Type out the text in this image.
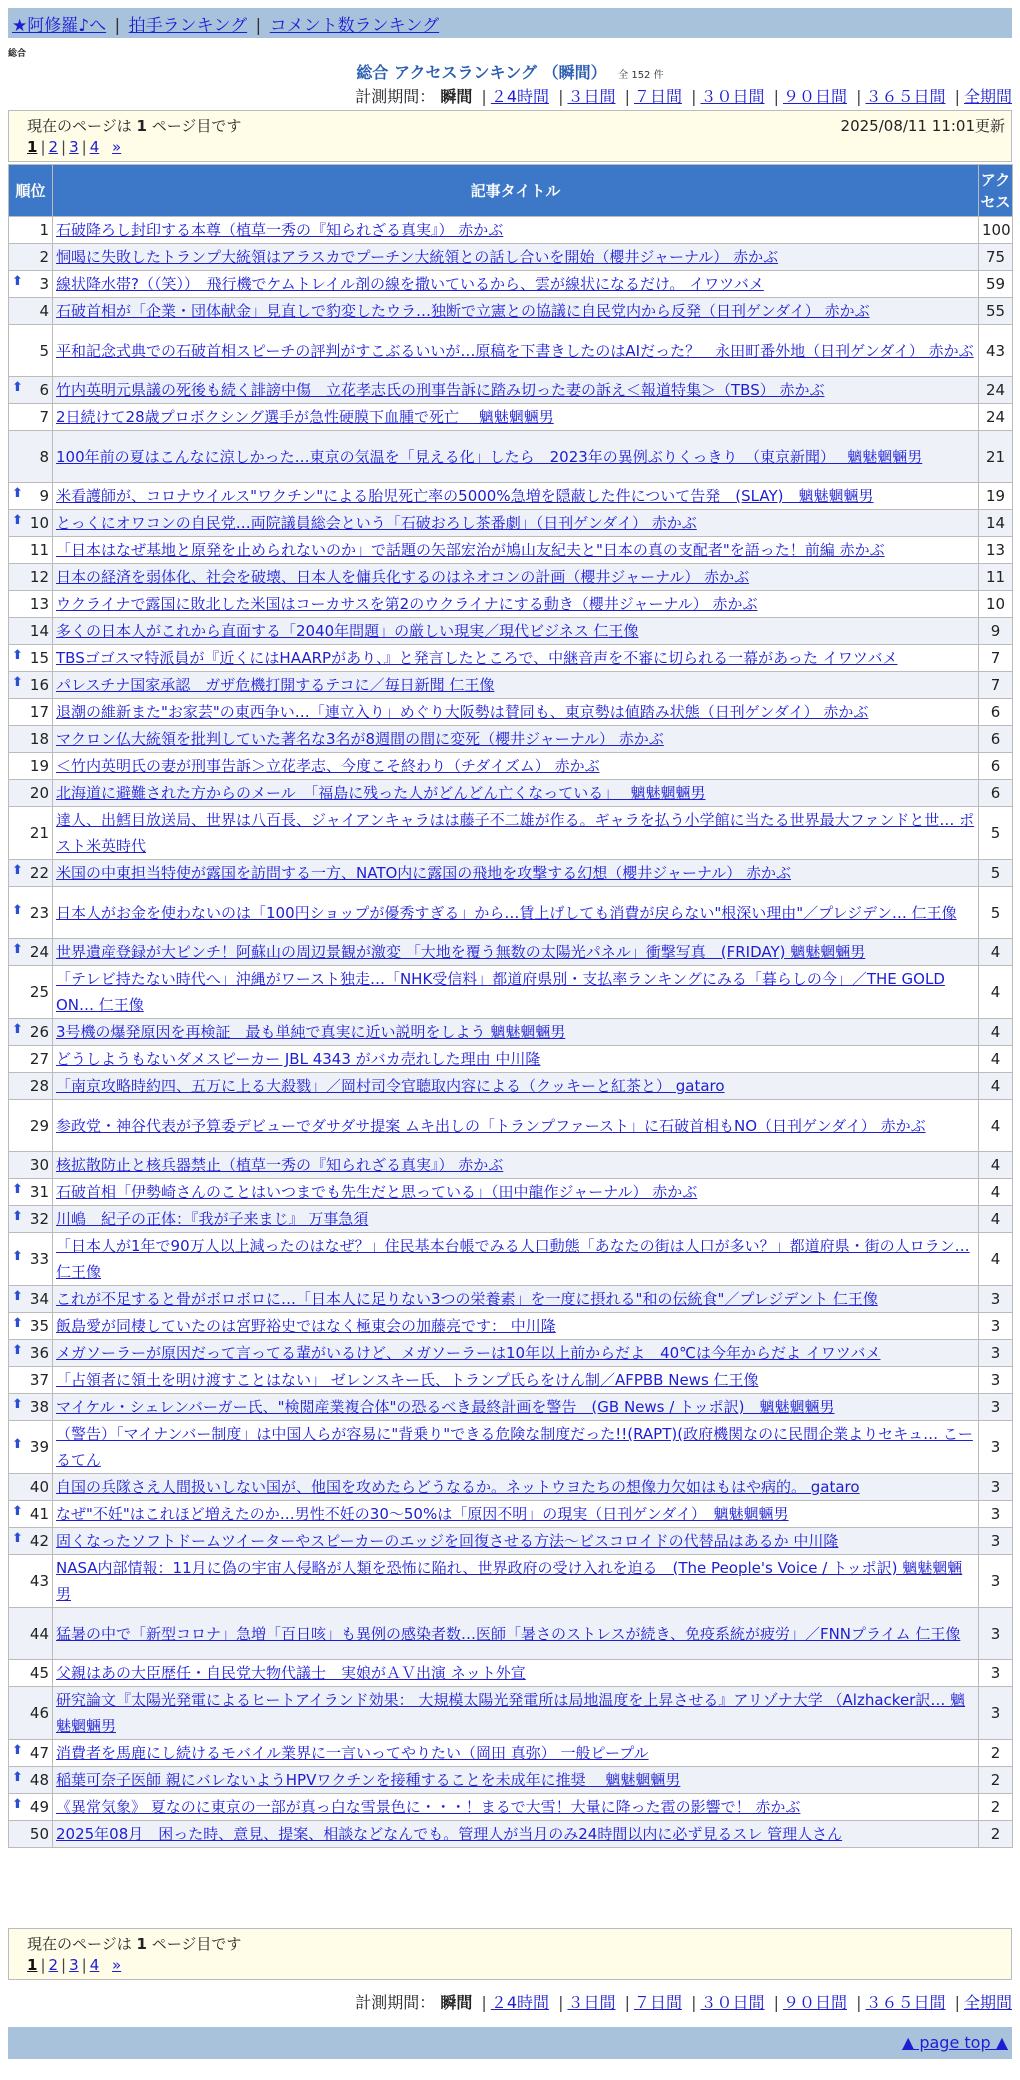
★阿修羅♪へ | 拍手ランキング | コメント数ランキング
総合
総合 アクセスランキング （瞬間） 全 152 件
計測期間： 瞬間 | ２4時間 | ３日間 | ７日間 | ３０日間 | ９０日間 | ３６５日間 | 全期間
現在のページは 1 ページ目です	2025/08/11 11:01更新
1 | 2 | 3 | 4 »
順位	記事タイトル	アクセス
1	石破降ろし封印する本尊（植草一秀の『知られざる真実』） 赤かぶ	100
2	恫喝に失敗したトランプ大統領はアラスカでプーチン大統領との話し合いを開始（櫻井ジャーナル） 赤かぶ	75

⬆ 3	線状降水帯?（（笑））　飛行機でケムトレイル剤の線を撒いているから、雲が線状になるだけ。 イワツバメ	59
4	石破首相が「企業・団体献金」見直しで豹変したウラ…独断で立憲との協議に自民党内から反発（日刊ゲンダイ） 赤かぶ	55
5	平和記念式典での石破首相スピーチの評判がすこぶるいいが…原稿を下書きしたのはAIだった？　永田町番外地（日刊ゲンダイ） 赤かぶ	43

⬆ 6	竹内英明元県議の死後も続く誹謗中傷　立花孝志氏の刑事告訴に踏み切った妻の訴え＜報道特集＞（TBS） 赤かぶ	24
7	2日続けて28歳プロボクシング選手が急性硬膜下血腫で死亡　 魑魅魍魎男	24
8	100年前の夏はこんなに涼しかった…東京の気温を「見える化」したら　2023年の異例ぶりくっきり　（東京新聞）　 魑魅魍魎男	21

⬆ 9	米看護師が、コロナウイルス"ワクチン"による胎児死亡率の5000%急増を隠蔽した件について告発　(SLAY)　魑魅魍魎男	19

⬆ 10	とっくにオワコンの自民党…両院議員総会という「石破おろし茶番劇」（日刊ゲンダイ） 赤かぶ	14
11	「日本はなぜ基地と原発を止められないのか」で話題の矢部宏治が鳩山友紀夫と"日本の真の支配者"を語った！前編 赤かぶ	13
12	日本の経済を弱体化、社会を破壊、日本人を傭兵化するのはネオコンの計画（櫻井ジャーナル） 赤かぶ	11
13	ウクライナで露国に敗北した米国はコーカサスを第2のウクライナにする動き（櫻井ジャーナル） 赤かぶ	10
14	多くの日本人がこれから直面する「2040年問題」の厳しい現実／現代ビジネス 仁王像	9

⬆ 15	TBSゴゴスマ特派員が『近くにはHAARPがあり、』と発言したところで、中継音声を不審に切られる一幕があった イワツバメ	7

⬆ 16	パレスチナ国家承認　ガザ危機打開するテコに／毎日新聞 仁王像	7
17	退潮の維新また"お家芸"の東西争い…「連立入り」めぐり大阪勢は賛同も、東京勢は値踏み状態（日刊ゲンダイ） 赤かぶ	6
18	マクロン仏大統領を批判していた著名な3名が8週間の間に変死（櫻井ジャーナル） 赤かぶ	6
19	＜竹内英明氏の妻が刑事告訴＞立花孝志、今度こそ終わり（チダイズム） 赤かぶ	6
20	北海道に避難された方からのメール　「福島に残った人がどんどん亡くなっている」　 魑魅魍魎男	6
21	達人、出鱈目放送局、世界は八百長、ジャイアンキャラはは藤子不二雄が作る。ギャラを払う小学館に当たる世界最大ファンドと世… ポスト米英時代	5

⬆ 22	米国の中東担当特使が露国を訪問する一方、NATO内に露国の飛地を攻撃する幻想（櫻井ジャーナル） 赤かぶ	5

⬆ 23	日本人がお金を使わないのは「100円ショップが優秀すぎる」から…賃上げしても消費が戻らない"根深い理由"／プレジデン… 仁王像	5

⬆ 24	世界遺産登録が大ピンチ！阿蘇山の周辺景観が激変 「大地を覆う無数の太陽光パネル」衝撃写真　(FRIDAY) 魑魅魍魎男	4
25	「テレビ持たない時代へ」沖縄がワースト独走…「NHK受信料」都道府県別・支払率ランキングにみる「暮らしの今」／THE GOLD ON… 仁王像	4

⬆ 26	3号機の爆発原因を再検証　最も単純で真実に近い説明をしよう 魑魅魍魎男	4
27	どうしようもないダメスピーカー JBL 4343 がバカ売れした理由 中川隆	4
28	「南京攻略時約四、五万に上る大殺戮」／岡村司令官聴取内容による（クッキーと紅茶と） gataro	4
29	参政党・神谷代表が予算委デビューでダサダサ提案 ムキ出しの「トランプファースト」に石破首相もNO（日刊ゲンダイ） 赤かぶ	4
30	核拡散防止と核兵器禁止（植草一秀の『知られざる真実』） 赤かぶ	4

⬆ 31	石破首相「伊勢崎さんのことはいつまでも先生だと思っている」（田中龍作ジャーナル） 赤かぶ	4

⬆ 32	川嶋　紀子の正体：『我が子来まじ』 万事急須	4

⬆ 33	「日本人が1年で90万人以上減ったのはなぜ？」住民基本台帳でみる人口動態「あなたの街は人口が多い？」都道府県・街の人ロラン… 仁王像	4

⬆ 34	これが不足すると骨がボロボロに…「日本人に足りない3つの栄養素」を一度に摂れる"和の伝統食"／プレジデント 仁王像	3

⬆ 35	飯島愛が同棲していたのは宮野裕史ではなく極東会の加藤亮です： 中川隆	3

⬆ 36	メガソーラーが原因だって言ってる輩がいるけど、メガソーラーは10年以上前からだよ　40℃は今年からだよ イワツバメ	3
37	「占領者に領土を明け渡すことはない」 ゼレンスキー氏、トランプ氏らをけん制／AFPBB News 仁王像	3

⬆ 38	マイケル・シェレンバーガー氏、"検閲産業複合体"の恐るべき最終計画を警告　(GB News / トッポ訳)　魑魅魍魎男	3

⬆ 39	（警告）「マイナンバー制度」は中国人らが容易に"背乗り"できる危険な制度だった!!(RAPT)(政府機関なのに民間企業よりセキュ… こーるてん	3
40	自国の兵隊さえ人間扱いしない国が、他国を攻めたらどうなるか。ネットウヨたちの想像力欠如はもはや病的。 gataro	3

⬆ 41	なぜ"不妊"はこれほど増えたのか…男性不妊の30～50%は「原因不明」の現実（日刊ゲンダイ）　魑魅魍魎男	3

⬆ 42	固くなったソフトドームツイーターやスピーカーのエッジを回復させる方法～ビスコロイドの代替品はあるか 中川隆	3
43	NASA内部情報：11月に偽の宇宙人侵略が人類を恐怖に陥れ、世界政府の受け入れを迫る　(The People's Voice / トッポ訳) 魑魅魍魎男	3
44	猛暑の中で「新型コロナ」急増「百日咳」も異例の感染者数…医師「暑さのストレスが続き、免疫系統が疲労」／FNNプライム 仁王像	3
45	父親はあの大臣歴任・自民党大物代議士　実娘がＡＶ出演 ネット外宣	3
46	研究論文『太陽光発電によるヒートアイランド効果： 大規模太陽光発電所は局地温度を上昇させる』アリゾナ大学 （Alzhacker訳… 魑魅魍魎男	3

⬆ 47	消費者を馬鹿にし続けるモバイル業界に一言いってやりたい（岡田 真弥） 一般ピープル	2

⬆ 48	稲葉可奈子医師 親にバレないようHPVワクチンを接種することを未成年に推奨　 魑魅魍魎男	2

⬆ 49	《異常気象》 夏なのに東京の一部が真っ白な雪景色に・・・！まるで大雪！大量に降った雹の影響で！ 赤かぶ	2
50	2025年08月　困った時、意見、提案、相談などなんでも。管理人が当月のみ24時間以内に必ず見るスレ 管理人さん	2
現在のページは 1 ページ目です
1 | 2 | 3 | 4 »
計測期間： 瞬間 | ２4時間 | ３日間 | ７日間 | ３０日間 | ９０日間 | ３６５日間 | 全期間
▲ page top ▲
